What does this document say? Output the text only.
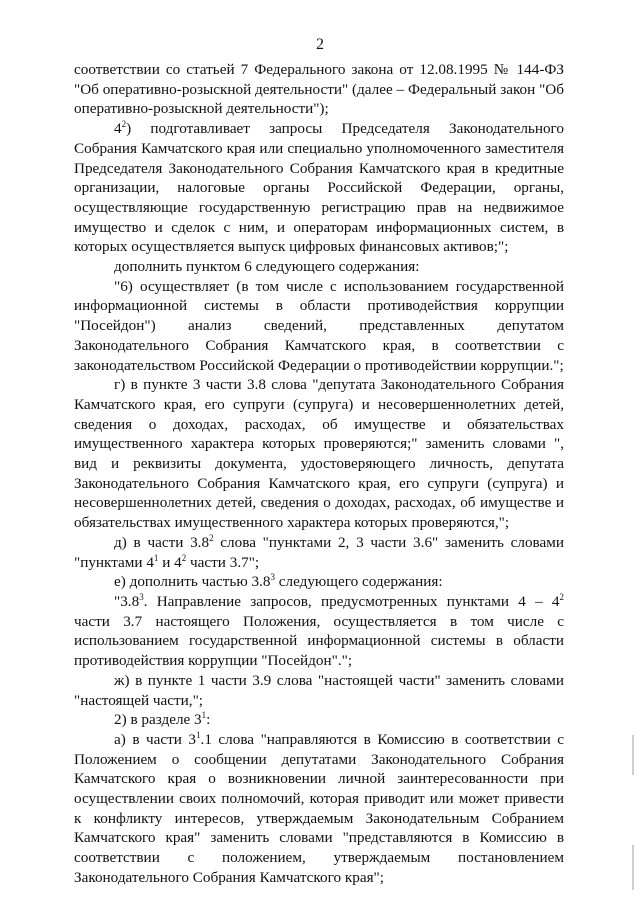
2

соответствии со статьей 7 Федерального закона от 12.08.1995 № 144-ФЗ "Об оперативно-розыскной деятельности" (далее – Федеральный закон "Об оперативно-розыскной деятельности");

$4^2$) подготавливает запросы Председателя Законодательного Собрания Камчатского края или специально уполномоченного заместителя Председателя Законодательного Собрания Камчатского края в кредитные организации, налоговые органы Российской Федерации, органы, осуществляющие государственную регистрацию прав на недвижимое имущество и сделок с ним, и операторам информационных систем, в которых осуществляется выпуск цифровых финансовых активов;";

дополнить пунктом 6 следующего содержания:

"6) осуществляет (в том числе с использованием государственной информационной системы в области противодействия коррупции "Посейдон") анализ сведений, представленных депутатом Законодательного Собрания Камчатского края, в соответствии с законодательством Российской Федерации о противодействии коррупции.";

г) в пункте 3 части 3.8 слова "депутата Законодательного Собрания Камчатского края, его супруги (супруга) и несовершеннолетних детей, сведения о доходах, расходах, об имуществе и обязательствах имущественного характера которых проверяются;" заменить словами ", вид и реквизиты документа, удостоверяющего личность, депутата Законодательного Собрания Камчатского края, его супруги (супруга) и несовершеннолетних детей, сведения о доходах, расходах, об имуществе и обязательствах имущественного характера которых проверяются,";

д) в части $3.8^2$ слова "пунктами 2, 3 части 3.6" заменить словами "пунктами $4^1$ и $4^2$ части 3.7";

е) дополнить частью $3.8^3$ следующего содержания:

"$3.8^3$. Направление запросов, предусмотренных пунктами $4 - 4^2$ части 3.7 настоящего Положения, осуществляется в том числе с использованием государственной информационной системы в области противодействия коррупции "Посейдон".";

ж) в пункте 1 части 3.9 слова "настоящей части" заменить словами "настоящей части,";

2) в разделе $3^1$:

а) в части $3^1.1$ слова "направляются в Комиссию в соответствии с Положением о сообщении депутатами Законодательного Собрания Камчатского края о возникновении личной заинтересованности при осуществлении своих полномочий, которая приводит или может привести к конфликту интересов, утверждаемым Законодательным Собранием Камчатского края" заменить словами "представляются в Комиссию в соответствии с положением, утверждаемым постановлением Законодательного Собрания Камчатского края";
